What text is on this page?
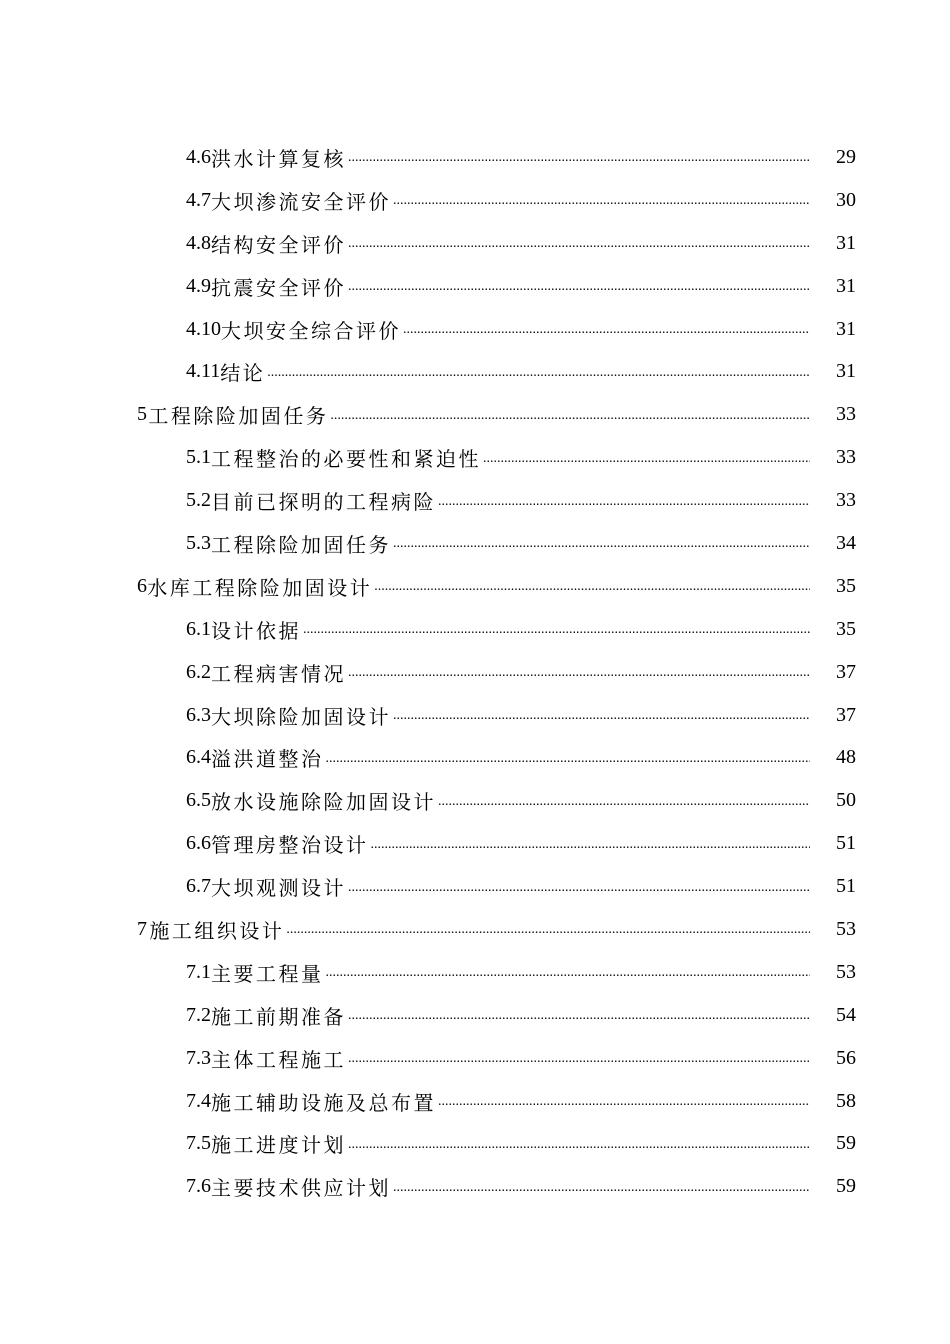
4.6 洪水计算复核 .....	29
4.7 大坝渗流安全评价 .....	30
4.8 结构安全评价 .....	31
4.9 抗震安全评价 .....	31
4.10 大坝安全综合评价 .....	31
4.11 结论 .....	31
5 工程除险加固任务 .....	33
5.1 工程整治的必要性和紧迫性 .....	33
5.2 目前已探明的工程病险 .....	33
5.3 工程除险加固任务 .....	34
6 水库工程除险加固设计 .....	35
6.1 设计依据 .....	35
6.2 工程病害情况 .....	37
6.3 大坝除险加固设计 .....	37
6.4 溢洪道整治 .....	48
6.5 放水设施除险加固设计 .....	50
6.6 管理房整治设计 .....	51
6.7 大坝观测设计 .....	51
7 施工组织设计 .....	53
7.1 主要工程量 .....	53
7.2 施工前期准备 .....	54
7.3 主体工程施工 .....	56
7.4 施工辅助设施及总布置 .....	58
7.5 施工进度计划 .....	59
7.6 主要技术供应计划 .....	59
